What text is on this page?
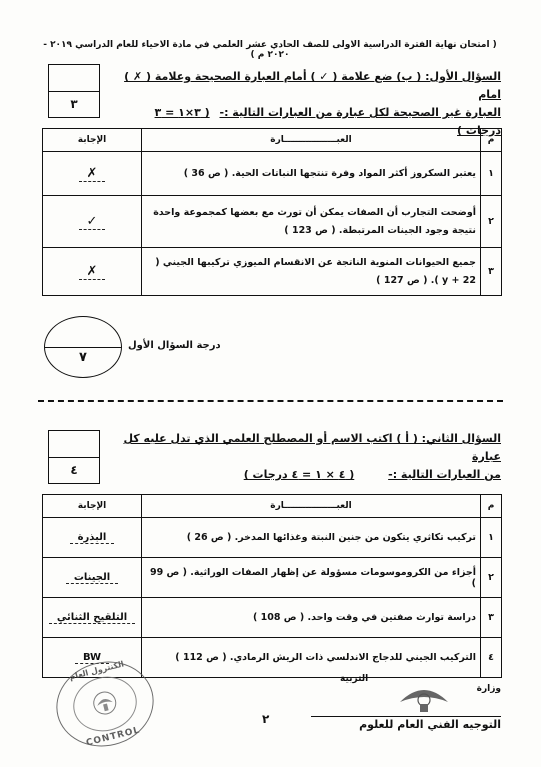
( امتحان نهاية الفترة الدراسية الاولى للصف الحادي عشر العلمي في مادة الاحياء للعام الدراسي ٢٠١٩ - ٢٠٢٠ م )
٣
السؤال الأول: ( ب) ضع علامة ( ✓ ) أمام العبارة الصحيحة وعلامة ( ✗ ) امام
العبارة غير الصحيحة لكل عبارة من العبارات التالية :- ( ٣×١ = ٣ درجات )
م	العبـــــــــــــــــارة	الإجابة
١	يعتبر السكروز أكثر المواد وفرة تنتجها النباتات الحية. ( ص 36 )	✗
٢	أوضحت التجارب أن الصفات يمكن أن تورث مع بعضها كمجموعة واحدة نتيجة وجود الجينات المرتبطة. ( ص 123 )	✓
٣	جميع الحيوانات المنوية الناتجة عن الانقسام الميوزي تركيبها الجيني ( 22 + y ). ( ص 127 )	✗
٧
درجة السؤال الأول
٤
السؤال الثاني: ( أ ) اكتب الاسم أو المصطلح العلمي الذي تدل عليه كل عبارة
من العبارات التالية :- ( ٤ × ١ = ٤ درجات )
م	العبـــــــــــــــــارة	الإجابة
١	تركيب تكاثري يتكون من جنين النبتة وغذائها المدخر. ( ص 26 )	البذرة
٢	أجزاء من الكروموسومات مسؤولة عن إظهار الصفات الوراثية. ( ص 99 )	الجينات
٣	دراسة توارث صفتين في وقت واحد. ( ص 108 )	التلقيح الثنائي
٤	التركيب الجيني للدجاج الاندلسي ذات الريش الرمادي. ( ص 112 )	BW
الكنترول العام
CONTROL
وزارة
التربية
التوجيه الفني العام للعلوم
٢
